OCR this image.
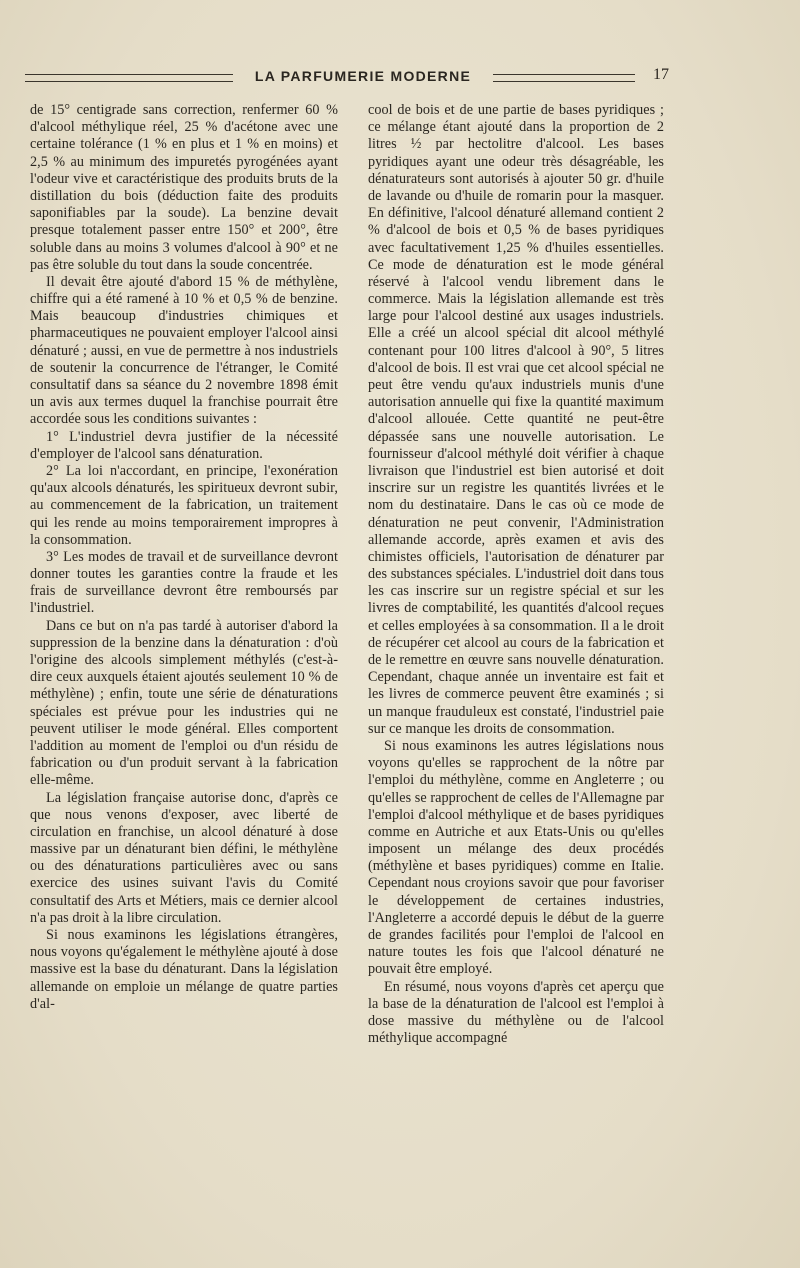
LA PARFUMERIE MODERNE	17

de 15° centigrade sans correction, renfermer 60 % d'alcool méthylique réel, 25 % d'acétone avec une certaine tolérance (1 % en plus et 1 % en moins) et 2,5 % au minimum des impuretés pyrogénées ayant l'odeur vive et caractéristique des produits bruts de la distillation du bois (déduction faite des produits saponifiables par la soude). La benzine devait presque totalement passer entre 150° et 200°, être soluble dans au moins 3 volumes d'alcool à 90° et ne pas être soluble du tout dans la soude concentrée.

Il devait être ajouté d'abord 15 % de méthylène, chiffre qui a été ramené à 10 % et 0,5 % de benzine. Mais beaucoup d'industries chimiques et pharmaceutiques ne pouvaient employer l'alcool ainsi dénaturé ; aussi, en vue de permettre à nos industriels de soutenir la concurrence de l'étranger, le Comité consultatif dans sa séance du 2 novembre 1898 émit un avis aux termes duquel la franchise pourrait être accordée sous les conditions suivantes :

1° L'industriel devra justifier de la nécessité d'employer de l'alcool sans dénaturation.

2° La loi n'accordant, en principe, l'exonération qu'aux alcools dénaturés, les spiritueux devront subir, au commencement de la fabrication, un traitement qui les rende au moins temporairement impropres à la consommation.

3° Les modes de travail et de surveillance devront donner toutes les garanties contre la fraude et les frais de surveillance devront être remboursés par l'industriel.

Dans ce but on n'a pas tardé à autoriser d'abord la suppression de la benzine dans la dénaturation : d'où l'origine des alcools simplement méthylés (c'est-à-dire ceux auxquels étaient ajoutés seulement 10 % de méthylène) ; enfin, toute une série de dénaturations spéciales est prévue pour les industries qui ne peuvent utiliser le mode général. Elles comportent l'addition au moment de l'emploi ou d'un résidu de fabrication ou d'un produit servant à la fabrication elle-même.

La législation française autorise donc, d'après ce que nous venons d'exposer, avec liberté de circulation en franchise, un alcool dénaturé à dose massive par un dénaturant bien défini, le méthylène ou des dénaturations particulières avec ou sans exercice des usines suivant l'avis du Comité consultatif des Arts et Métiers, mais ce dernier alcool n'a pas droit à la libre circulation.

Si nous examinons les législations étrangères, nous voyons qu'également le méthylène ajouté à dose massive est la base du dénaturant. Dans la législation allemande on emploie un mélange de quatre parties d'al-

cool de bois et de une partie de bases pyridiques ; ce mélange étant ajouté dans la proportion de 2 litres ½ par hectolitre d'alcool. Les bases pyridiques ayant une odeur très désagréable, les dénaturateurs sont autorisés à ajouter 50 gr. d'huile de lavande ou d'huile de romarin pour la masquer. En définitive, l'alcool dénaturé allemand contient 2 % d'alcool de bois et 0,5 % de bases pyridiques avec facultativement 1,25 % d'huiles essentielles. Ce mode de dénaturation est le mode général réservé à l'alcool vendu librement dans le commerce. Mais la législation allemande est très large pour l'alcool destiné aux usages industriels. Elle a créé un alcool spécial dit alcool méthylé contenant pour 100 litres d'alcool à 90°, 5 litres d'alcool de bois. Il est vrai que cet alcool spécial ne peut être vendu qu'aux industriels munis d'une autorisation annuelle qui fixe la quantité maximum d'alcool allouée. Cette quantité ne peut-être dépassée sans une nouvelle autorisation. Le fournisseur d'alcool méthylé doit vérifier à chaque livraison que l'industriel est bien autorisé et doit inscrire sur un registre les quantités livrées et le nom du destinataire. Dans le cas où ce mode de dénaturation ne peut convenir, l'Administration allemande accorde, après examen et avis des chimistes officiels, l'autorisation de dénaturer par des substances spéciales. L'industriel doit dans tous les cas inscrire sur un registre spécial et sur les livres de comptabilité, les quantités d'alcool reçues et celles employées à sa consommation. Il a le droit de récupérer cet alcool au cours de la fabrication et de le remettre en œuvre sans nouvelle dénaturation. Cependant, chaque année un inventaire est fait et les livres de commerce peuvent être examinés ; si un manque frauduleux est constaté, l'industriel paie sur ce manque les droits de consommation.

Si nous examinons les autres législations nous voyons qu'elles se rapprochent de la nôtre par l'emploi du méthylène, comme en Angleterre ; ou qu'elles se rapprochent de celles de l'Allemagne par l'emploi d'alcool méthylique et de bases pyridiques comme en Autriche et aux Etats-Unis ou qu'elles imposent un mélange des deux procédés (méthylène et bases pyridiques) comme en Italie. Cependant nous croyions savoir que pour favoriser le développement de certaines industries, l'Angleterre a accordé depuis le début de la guerre de grandes facilités pour l'emploi de l'alcool en nature toutes les fois que l'alcool dénaturé ne pouvait être employé.

En résumé, nous voyons d'après cet aperçu que la base de la dénaturation de l'alcool est l'emploi à dose massive du méthylène ou de l'alcool méthylique accompagné
